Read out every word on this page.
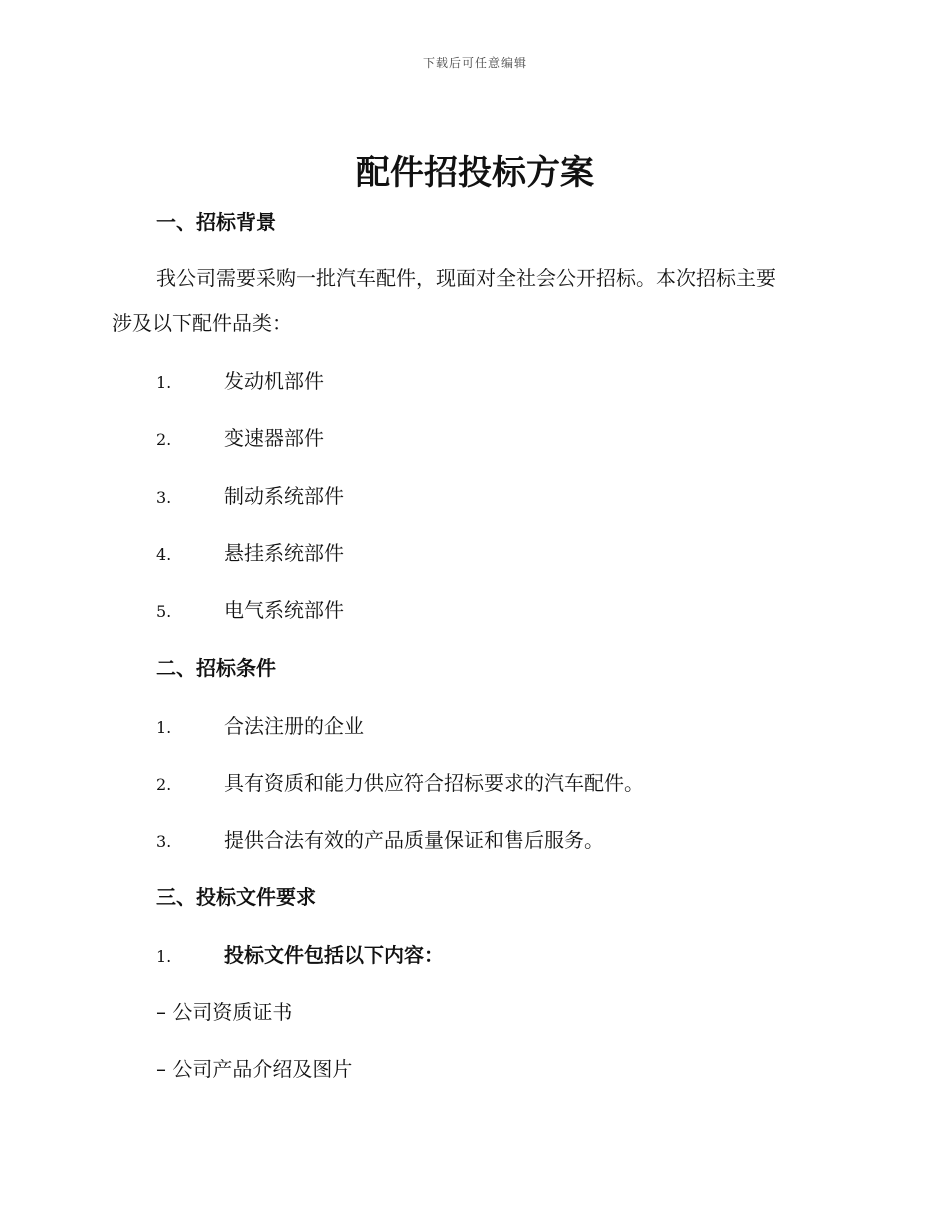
下载后可任意编辑
配件招投标方案
一、招标背景

我公司需要采购一批汽车配件，现面对全社会公开招标。本次招标主要
涉及以下配件品类：

1.	发动机部件
2.	变速器部件
3.	制动系统部件
4.	悬挂系统部件
5.	电气系统部件
二、招标条件
1.	合法注册的企业
2.	具有资质和能力供应符合招标要求的汽车配件。
3.	提供合法有效的产品质量保证和售后服务。
三、投标文件要求
1.	投标文件包括以下内容：
– 公司资质证书
– 公司产品介绍及图片
